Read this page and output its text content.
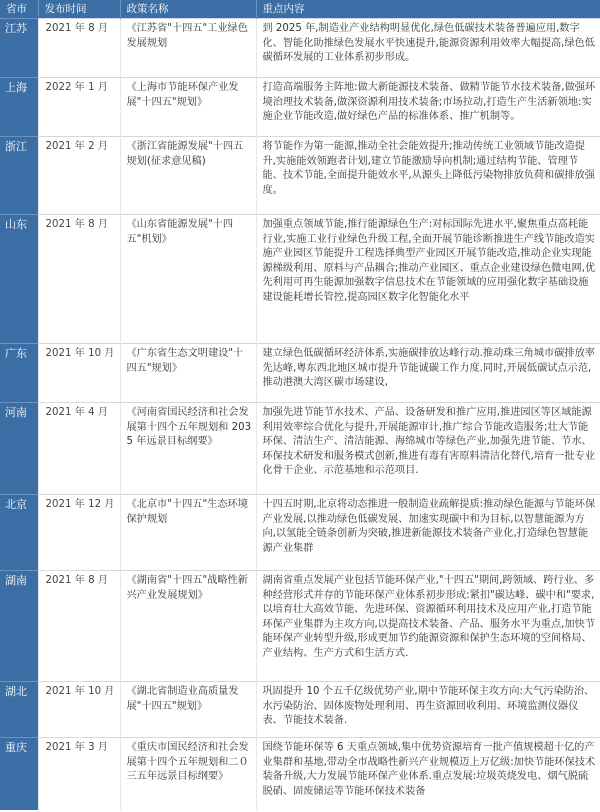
省市	发布时间	政策名称	重点内容
江苏	2021 年 8 月	《江苏省"十四五"工业绿色发展规划	到 2025 年,制造业产业结构明显优化,绿色低碳技术装备普遍应用,数字化、智能化助推绿色发展水平快速提升,能源资源利用效率大幅提高,绿色低碳循环发展的工业体系初步形成。
上海	2022 年 1 月	《上海市节能环保产业发展"十四五"规划》	打造高端服务主阵地:做大新能源技术装备、做精节能节水技术装备,做强环境治理技术装备,做深资源利用技术装备;市场拉动,打造生产生活新领地:实施企业节能改造,做好绿色产品的标准体系、推广机制等。
浙江	2021 年 2 月	《浙江省能源发展"十四五规划(征求意见稿)	将节能作为第一能源,推动全社会能效提升;推动传统工业领域节能改造提升,实施能效领跑者计划,建立节能激励导向机制;通过结构节能、管理节能、技术节能,全面提升能效水平,从源头上降低污染物排放负荷和碳排放强度。
山东	2021 年 8 月	《山东省能源发展"十四五"机划》	加强重点领域节能,推行能源绿色生产:对标国际先进水平,聚焦重点高耗能行业,实施工业行业绿色升级工程,全面开展节能诊断推进生产线节能改造实施产业园区节能提升工程选择典型产业园区开展节能改造,推动企业实现能源梯级利用、原料与产品耦合;推动产业园区、重点企业建设绿色微电网,优先利用可再生能源加强数字信息技术在节能领域的应用强化数字基础设施建设能耗增长管控,提高园区数字化智能化水平
广东	2021 年 10 月	《广东省生态文明建设"十四五"规划》	建立绿色低碳循环经济体系,实施碳排放达峰行动.推动珠三角城市碳排放率先达峰,粤东西北地区城市提升节能诚碳工作力度.同时,开展低碳试点示范,推动港澳大湾区碳市场建设,
河南	2021 年 4 月	《河南省国民经济和社会发展第十四个五年规划和 2035 年远景目标纲要》	加强先进节能节水技术、产品、设备研发和推广应用,推进园区等区域能源利用效率综合优化与提升,开展能源审计,推广综合节能改造服务;壮大节能环保、清洁生产、清洁能源、海绵城市等绿色产业,加强先进节能、节水、环保技术研发和服务模式创新,推进有毒有害原料清洁化替代,培育一批专业化骨干企业、示范基地和示范项目.
北京	2021 年 12 月	《北京市"十四五"生态环境保护规划	十四五时期,北京将动态推进一般制造业疏解提质:推动绿色能源与节能环保产业发展,以推动绿色低碳发展、加速实现碳中和为目标,以智慧能源为方向,以氢能全链条创新为突破,推进新能源技术装备产业化,打造绿色智慧能源产业集群
湖南	2021 年 8 月	《湖南省"十四五"战略性新兴产业发展规划》	湖南省重点发展产业包括节能环保产业,"十四五"期间,跨领域、跨行业、多种经营形式并存的节能环保产业体系初步形成:紧扣"碳达峰、碳中和"要求,以培育壮大高效节能、先进环保、资源循环利用技术及应用产业,打造节能环保产业集群为主攻方向,以提高技术装备、产品、服务水平为重点,加快节能环保产业转型升级,形成更加节约能源资源和保护生态环境的空间格局、产业结构、生产方式和生活方式.
湖北	2021 年 10 月	《湖北省制造业高质量发展"十四五"规划》	巩固提升 10 个五千亿级优势产业,期中节能环保主攻方向:大气污染防治、水污染防治、固体废物处理利用、再生资源回收利用、环境监测仪器仪表、节能技术装备.
重庆	2021 年 3 月	《重庆市国民经济和社会发展第十四个五年规划和二０三五年远景目标纲要》	国绕节能环保等 6 天重点领域,集中优势资源培育一批产值规模超十亿的产业集群和基地,带动全市战略性新兴产业规模迈上万亿级:加快节能环保技术装备升级,大力发展节能环保产业体系.重点发展:垃圾英烧发电、烟气脱硫脱硝、固废储运等节能环保技术装备
